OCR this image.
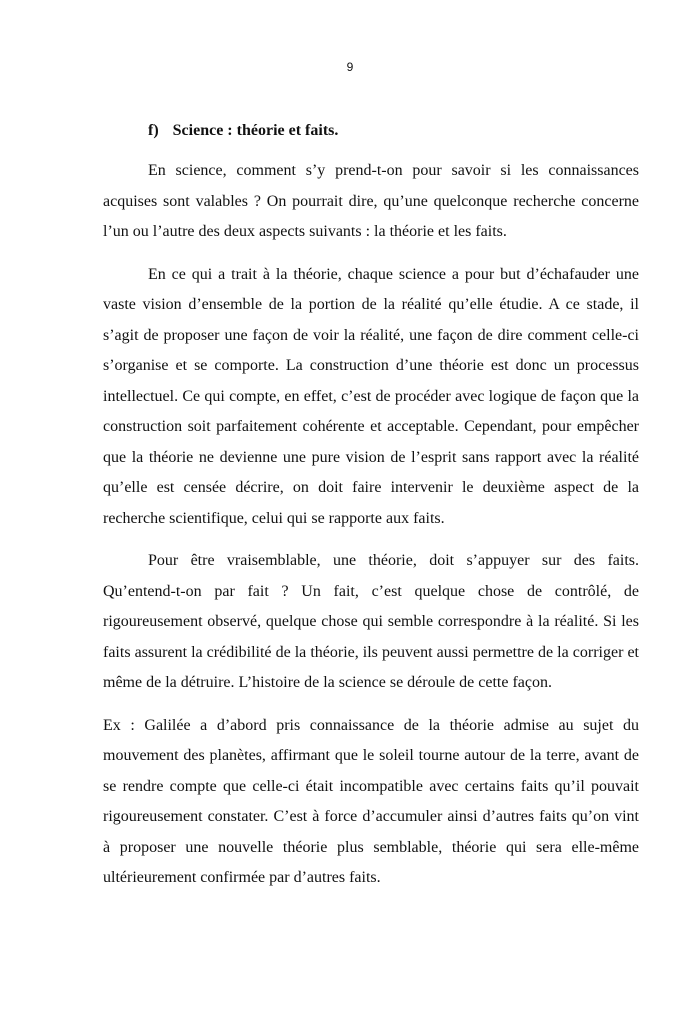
9
f) Science : théorie et faits.

En science, comment s’y prend-t-on pour savoir si les connaissances acquises sont valables ? On pourrait dire, qu’une quelconque recherche concerne l’un ou l’autre des deux aspects suivants : la théorie et les faits.

En ce qui a trait à la théorie, chaque science a pour but d’échafauder une vaste vision d’ensemble de la portion de la réalité qu’elle étudie. A ce stade, il s’agit de proposer une façon de voir la réalité, une façon de dire comment celle-ci s’organise et se comporte. La construction d’une théorie est donc un processus intellectuel. Ce qui compte, en effet, c’est de procéder avec logique de façon que la construction soit parfaitement cohérente et acceptable. Cependant, pour empêcher que la théorie ne devienne une pure vision de l’esprit sans rapport avec la réalité qu’elle est censée décrire, on doit faire intervenir le deuxième aspect de la recherche scientifique, celui qui se rapporte aux faits.

Pour être vraisemblable, une théorie, doit s’appuyer sur des faits. Qu’entend-t-on par fait ? Un fait, c’est quelque chose de contrôlé, de rigoureusement observé, quelque chose qui semble correspondre à la réalité. Si les faits assurent la crédibilité de la théorie, ils peuvent aussi permettre de la corriger et même de la détruire. L’histoire de la science se déroule de cette façon.

Ex : Galilée a d’abord pris connaissance de la théorie admise au sujet du mouvement des planètes, affirmant que le soleil tourne autour de la terre, avant de se rendre compte que celle-ci était incompatible avec certains faits qu’il pouvait rigoureusement constater. C’est à force d’accumuler ainsi d’autres faits qu’on vint à proposer une nouvelle théorie plus semblable, théorie qui sera elle-même ultérieurement confirmée par d’autres faits.
